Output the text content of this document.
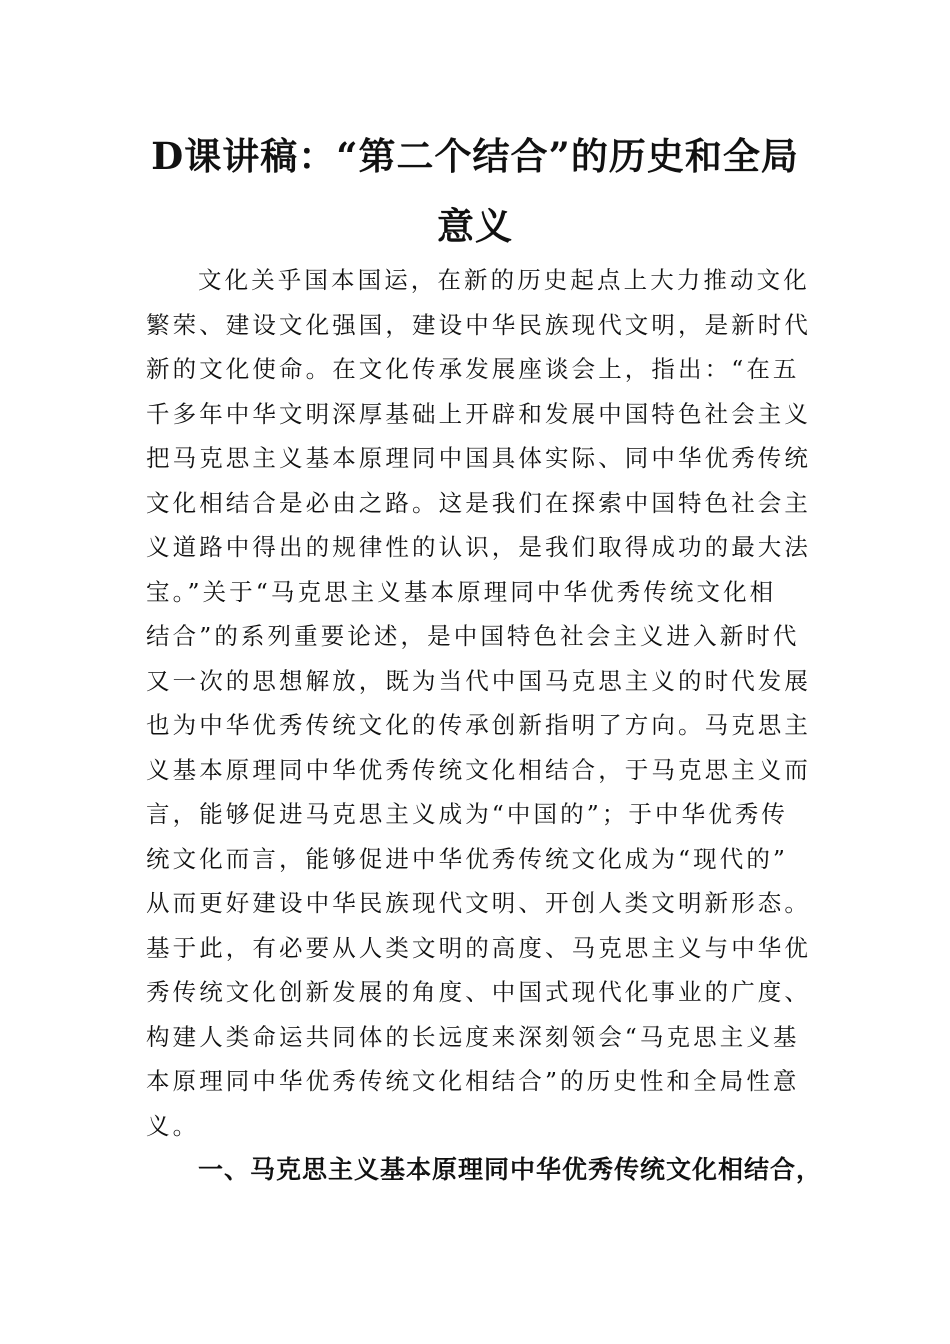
D课讲稿：“第二个结合”的历史和全局
意义
文化关乎国本国运，在新的历史起点上大力推动文化
繁荣、建设文化强国，建设中华民族现代文明，是新时代
新的文化使命。在文化传承发展座谈会上，指出：“在五
千多年中华文明深厚基础上开辟和发展中国特色社会主义
把马克思主义基本原理同中国具体实际、同中华优秀传统
文化相结合是必由之路。这是我们在探索中国特色社会主
义道路中得出的规律性的认识，是我们取得成功的最大法
宝。”关于“马克思主义基本原理同中华优秀传统文化相
结合”的系列重要论述，是中国特色社会主义进入新时代
又一次的思想解放，既为当代中国马克思主义的时代发展
也为中华优秀传统文化的传承创新指明了方向。马克思主
义基本原理同中华优秀传统文化相结合，于马克思主义而
言，能够促进马克思主义成为“中国的”；于中华优秀传
统文化而言，能够促进中华优秀传统文化成为“现代的”
从而更好建设中华民族现代文明、开创人类文明新形态。
基于此，有必要从人类文明的高度、马克思主义与中华优
秀传统文化创新发展的角度、中国式现代化事业的广度、
构建人类命运共同体的长远度来深刻领会“马克思主义基
本原理同中华优秀传统文化相结合”的历史性和全局性意
义。
一、马克思主义基本原理同中华优秀传统文化相结合，
